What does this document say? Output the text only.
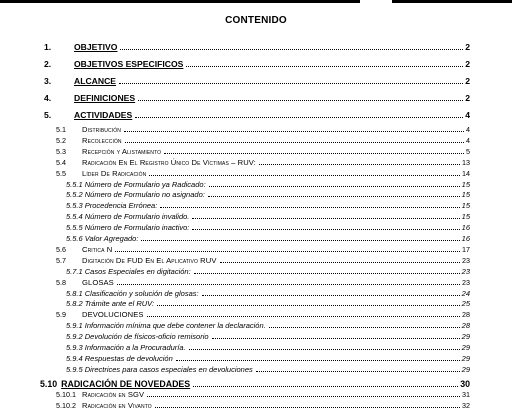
CONTENIDO
1.	OBJETIVO	2
2.	OBJETIVOS ESPECIFICOS	2
3.	ALCANCE	2
4.	DEFINICIONES	2
5.	ACTIVIDADES	4
5.1	Distribución	4
5.2	Recolección	4
5.3	Recepción y Alistamiento	5
5.4	Radicación En El Registro Único De Víctimas – RUV:	13
5.5	Líder De Radicación	14
5.5.1 Número de Formulario ya Radicado:	15
5.5.2 Número de Formulario no asignado:	15
5.5.3 Procedencia Errónea:	15
5.5.4 Número de Formulario invalido.	15
5.5.5 Número de Formulario inactivo:	16
5.5.6 Valor Agregado:	16
5.6	Critica N	17
5.7	Digitación De FUD En El Aplicativo RUV	23
5.7.1 Casos Especiales en digitación:	23
5.8	GLOSAS	23
5.8.1 Clasificación y solución de glosas:	24
5.8.2 Trámite ante el RUV:	25
5.9	DEVOLUCIONES	28
5.9.1 Información mínima que debe contener la declaración.	28
5.9.2 Devolución de físicos-oficio remisorio	29
5.9.3 Información a la Procuraduría.	29
5.9.4 Respuestas de devolución	29
5.9.5 Directrices para casos especiales en devoluciones	29
5.10 RADICACIÓN DE NOVEDADES	30
5.10.1 Radicación en SGV	31
5.10.2 Radicación en Vivanto	32
